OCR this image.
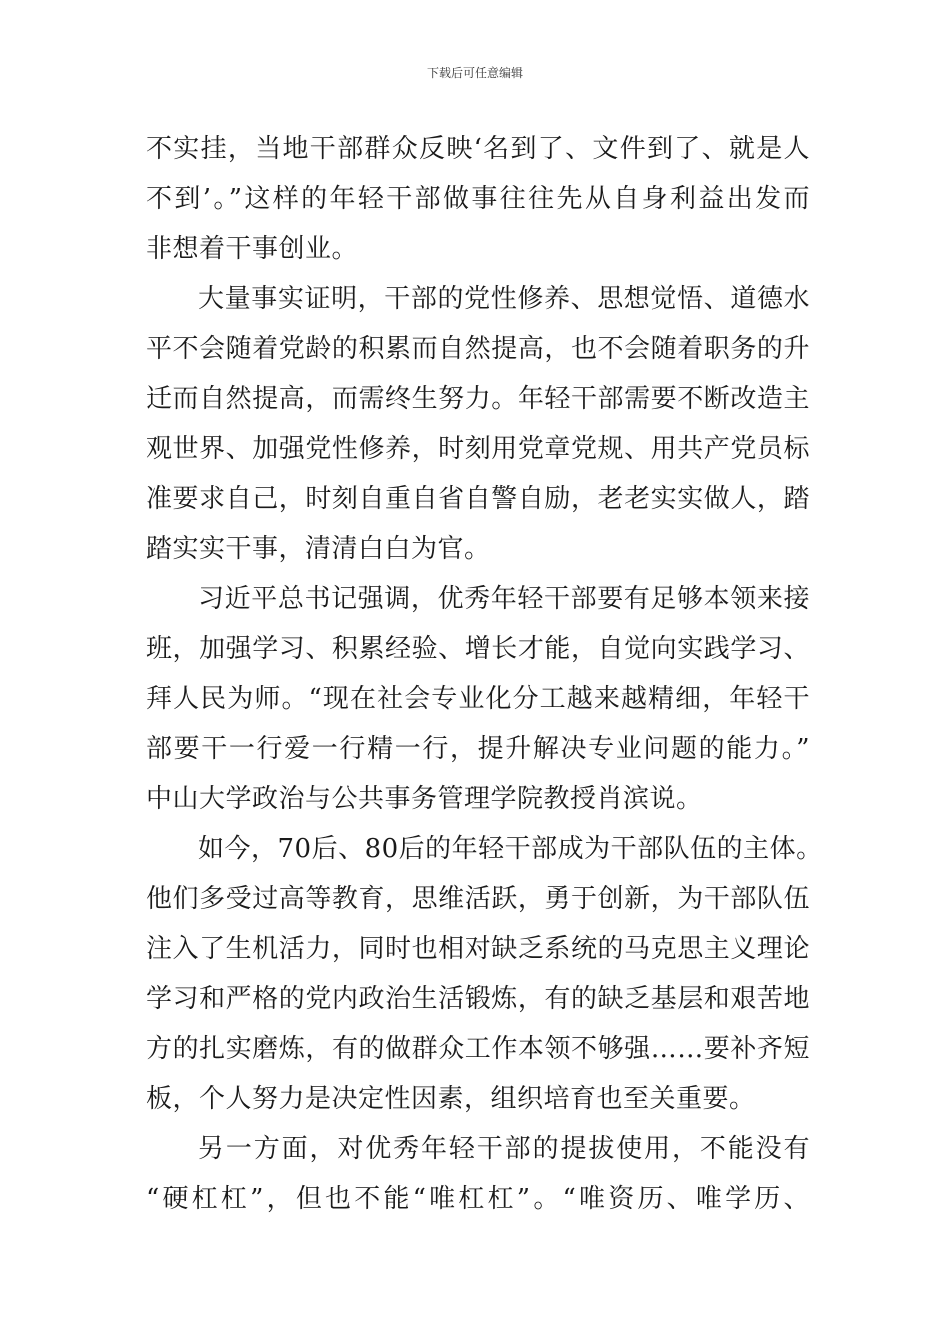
下载后可任意编辑
不实挂，当地干部群众反映‘名到了、文件到了、就是人
不到’。”这样的年轻干部做事往往先从自身利益出发而
非想着干事创业。
大量事实证明，干部的党性修养、思想觉悟、道德水
平不会随着党龄的积累而自然提高，也不会随着职务的升
迁而自然提高，而需终生努力。年轻干部需要不断改造主
观世界、加强党性修养，时刻用党章党规、用共产党员标
准要求自己，时刻自重自省自警自励，老老实实做人，踏
踏实实干事，清清白白为官。
习近平总书记强调，优秀年轻干部要有足够本领来接
班，加强学习、积累经验、增长才能，自觉向实践学习、
拜人民为师。“现在社会专业化分工越来越精细，年轻干
部要干一行爱一行精一行，提升解决专业问题的能力。”
中山大学政治与公共事务管理学院教授肖滨说。
如今，70后、80后的年轻干部成为干部队伍的主体。
他们多受过高等教育，思维活跃，勇于创新，为干部队伍
注入了生机活力，同时也相对缺乏系统的马克思主义理论
学习和严格的党内政治生活锻炼，有的缺乏基层和艰苦地
方的扎实磨炼，有的做群众工作本领不够强……要补齐短
板，个人努力是决定性因素，组织培育也至关重要。
另一方面，对优秀年轻干部的提拔使用，不能没有
“硬杠杠”，但也不能“唯杠杠”。“唯资历、唯学历、
